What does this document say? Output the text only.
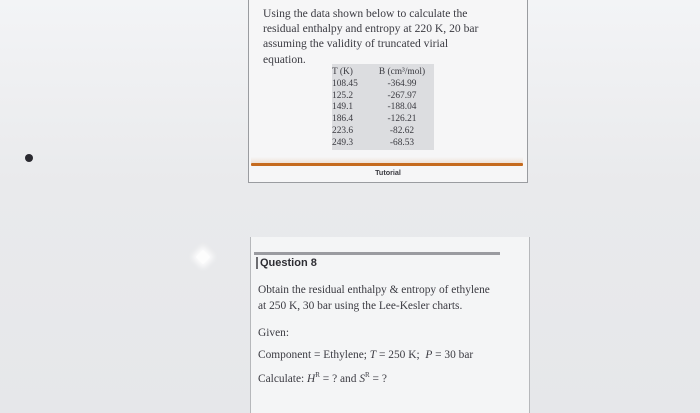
Using the data shown below to calculate the
residual enthalpy and entropy at 220 K, 20 bar
assuming the validity of truncated virial
equation.
T (K)	B (cm³/mol)
108.45	-364.99
125.2	-267.97
149.1	-188.04
186.4	-126.21
223.6	-82.62
249.3	-68.53
Tutorial
Question 8
Obtain the residual enthalpy & entropy of ethylene
at 250 K, 30 bar using the Lee-Kesler charts.
Given:
Component = Ethylene; T = 250 K;  P = 30 bar
Calculate: $H^R$ = ? and $S^R$ = ?
